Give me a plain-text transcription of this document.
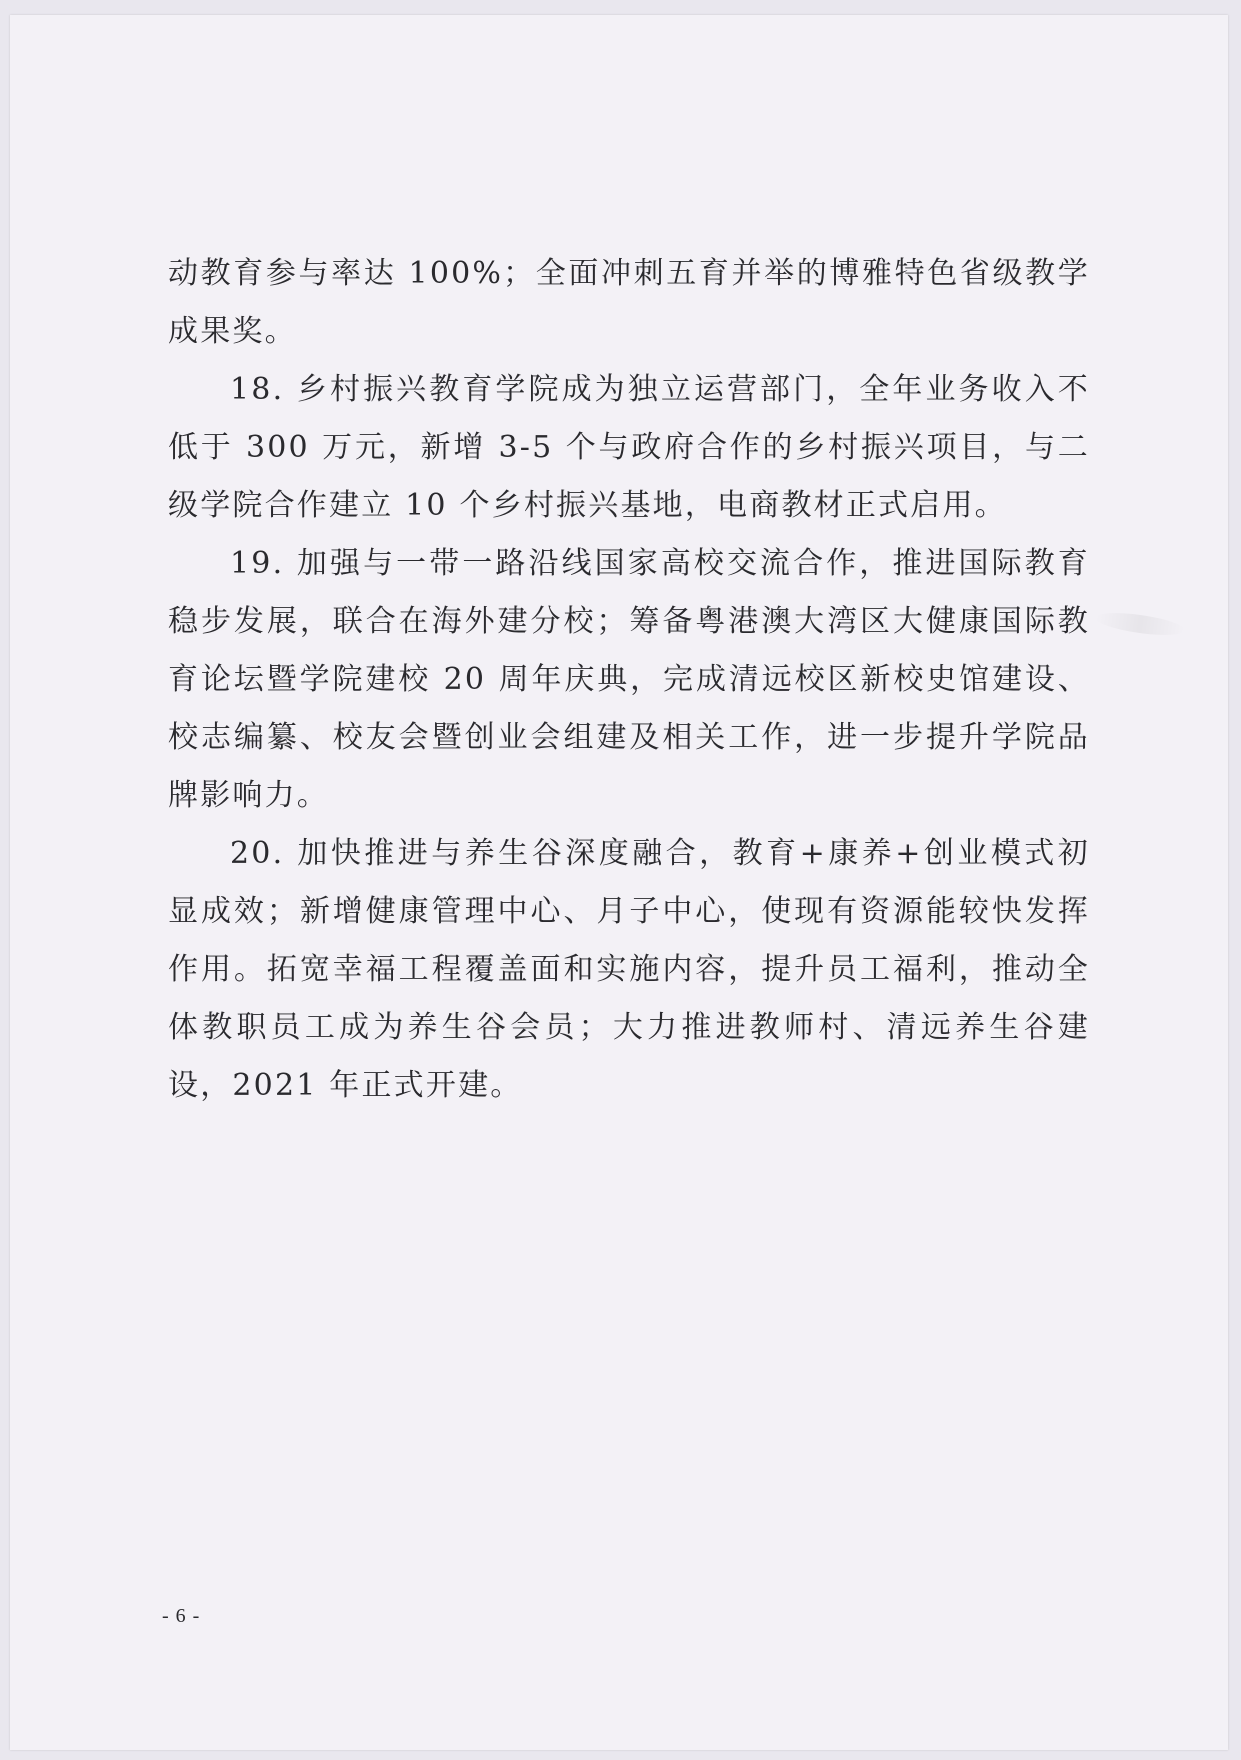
动教育参与率达 100%；全面冲刺五育并举的博雅特色省级教学成果奖。

18. 乡村振兴教育学院成为独立运营部门，全年业务收入不低于 300 万元，新增 3-5 个与政府合作的乡村振兴项目，与二级学院合作建立 10 个乡村振兴基地，电商教材正式启用。

19. 加强与一带一路沿线国家高校交流合作，推进国际教育稳步发展，联合在海外建分校；筹备粤港澳大湾区大健康国际教育论坛暨学院建校 20 周年庆典，完成清远校区新校史馆建设、校志编纂、校友会暨创业会组建及相关工作，进一步提升学院品牌影响力。

20. 加快推进与养生谷深度融合，教育+康养+创业模式初显成效；新增健康管理中心、月子中心，使现有资源能较快发挥作用。拓宽幸福工程覆盖面和实施内容，提升员工福利，推动全体教职员工成为养生谷会员；大力推进教师村、清远养生谷建设，2021 年正式开建。

- 6 -
